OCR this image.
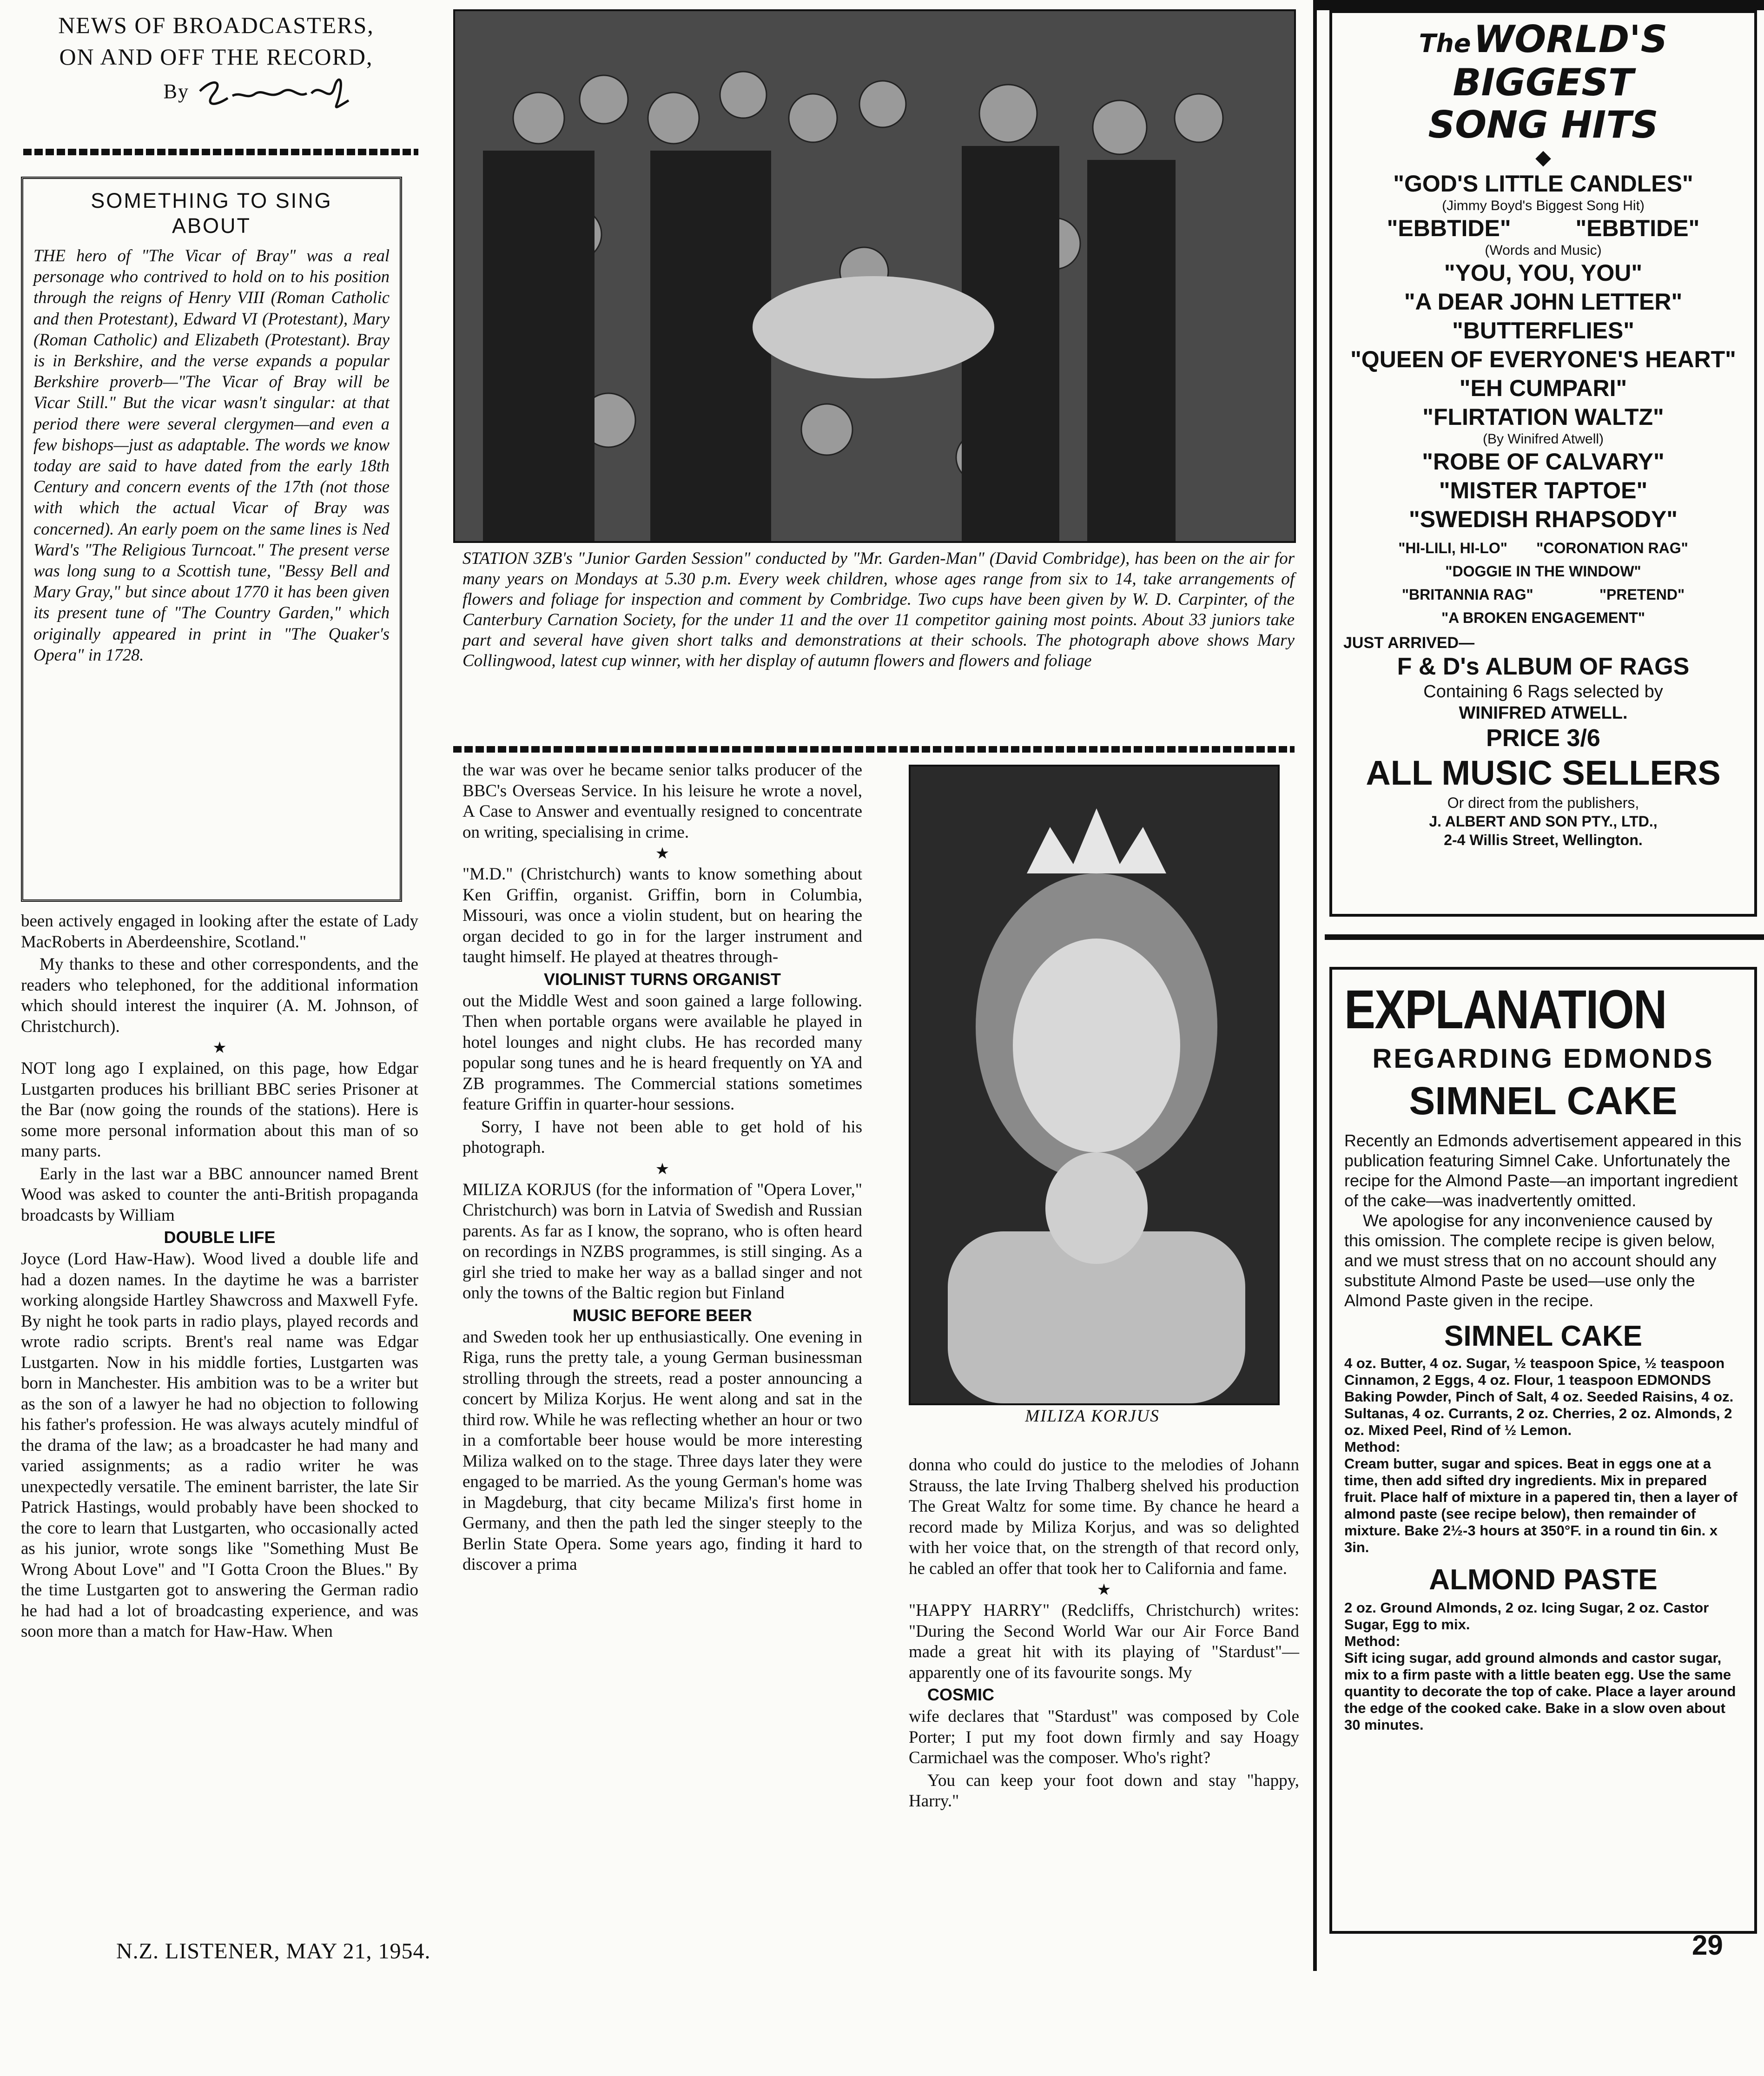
NEWS OF BROADCASTERS,
ON AND OFF THE RECORD,
By
SOMETHING TO SING ABOUT
THE hero of "The Vicar of Bray" was a real personage who contrived to hold on to his position through the reigns of Henry VIII (Roman Catholic and then Protestant), Edward VI (Protestant), Mary (Roman Catholic) and Elizabeth (Protestant). Bray is in Berkshire, and the verse expands a popular Berkshire proverb—"The Vicar of Bray will be Vicar Still." But the vicar wasn't singular: at that period there were several clergymen—and even a few bishops—just as adaptable. The words we know today are said to have dated from the early 18th Century and concern events of the 17th (not those with which the actual Vicar of Bray was concerned). An early poem on the same lines is Ned Ward's "The Religious Turncoat." The present verse was long sung to a Scottish tune, "Bessy Bell and Mary Gray," but since about 1770 it has been given its present tune of "The Country Garden," which originally appeared in print in "The Quaker's Opera" in 1728.

been actively engaged in looking after the estate of Lady MacRoberts in Aberdeenshire, Scotland."

My thanks to these and other correspondents, and the readers who telephoned, for the additional information which should interest the inquirer (A. M. Johnson, of Christchurch).

★

NOT long ago I explained, on this page, how Edgar Lustgarten produces his brilliant BBC series Prisoner at the Bar (now going the rounds of the stations). Here is some more personal information about this man of so many parts.

Early in the last war a BBC announcer named Brent Wood was asked to counter the anti-British propaganda broadcasts by William

DOUBLE LIFE

Joyce (Lord Haw-Haw). Wood lived a double life and had a dozen names. In the daytime he was a barrister working alongside Hartley Shawcross and Maxwell Fyfe. By night he took parts in radio plays, played records and wrote radio scripts. Brent's real name was Edgar Lustgarten. Now in his middle forties, Lustgarten was born in Manchester. His ambition was to be a writer but as the son of a lawyer he had no objection to following his father's profession. He was always acutely mindful of the drama of the law; as a broadcaster he had many and varied assignments; as a radio writer he was unexpectedly versatile. The eminent barrister, the late Sir Patrick Hastings, would probably have been shocked to the core to learn that Lustgarten, who occasionally acted as his junior, wrote songs like "Something Must Be Wrong About Love" and "I Gotta Croon the Blues." By the time Lustgarten got to answering the German radio he had had a lot of broadcasting experience, and was soon more than a match for Haw-Haw. When

STATION 3ZB's "Junior Garden Session" conducted by "Mr. Garden-Man" (David Combridge), has been on the air for many years on Mondays at 5.30 p.m. Every week children, whose ages range from six to 14, take arrangements of flowers and foliage for inspection and comment by Combridge. Two cups have been given by W. D. Carpinter, of the Canterbury Carnation Society, for the under 11 and the over 11 competitor gaining most points. About 33 juniors take part and several have given short talks and demonstrations at their schools. The photograph above shows Mary Collingwood, latest cup winner, with her display of autumn flowers and flowers and foliage

the war was over he became senior talks producer of the BBC's Overseas Service. In his leisure he wrote a novel, A Case to Answer and eventually resigned to concentrate on writing, specialising in crime.

★

"M.D." (Christchurch) wants to know something about Ken Griffin, organist. Griffin, born in Columbia, Missouri, was once a violin student, but on hearing the organ decided to go in for the larger instrument and taught himself. He played at theatres through-

VIOLINIST TURNS ORGANIST

out the Middle West and soon gained a large following. Then when portable organs were available he played in hotel lounges and night clubs. He has recorded many popular song tunes and he is heard frequently on YA and ZB programmes. The Commercial stations sometimes feature Griffin in quarter-hour sessions.

Sorry, I have not been able to get hold of his photograph.

★

MILIZA KORJUS (for the information of "Opera Lover," Christchurch) was born in Latvia of Swedish and Russian parents. As far as I know, the soprano, who is often heard on recordings in NZBS programmes, is still singing. As a girl she tried to make her way as a ballad singer and not only the towns of the Baltic region but Finland

MUSIC BEFORE BEER

and Sweden took her up enthusiastically. One evening in Riga, runs the pretty tale, a young German businessman strolling through the streets, read a poster announcing a concert by Miliza Korjus. He went along and sat in the third row. While he was reflecting whether an hour or two in a comfortable beer house would be more interesting Miliza walked on to the stage. Three days later they were engaged to be married. As the young German's home was in Magdeburg, that city became Miliza's first home in Germany, and then the path led the singer steeply to the Berlin State Opera. Some years ago, finding it hard to discover a prima

MILIZA KORJUS

donna who could do justice to the melodies of Johann Strauss, the late Irving Thalberg shelved his production The Great Waltz for some time. By chance he heard a record made by Miliza Korjus, and was so delighted with her voice that, on the strength of that record only, he cabled an offer that took her to California and fame.

★

"HAPPY HARRY" (Redcliffs, Christchurch) writes: "During the Second World War our Air Force Band made a great hit with its playing of "Stardust"—apparently one of its favourite songs. My

COSMIC

wife declares that "Stardust" was composed by Cole Porter; I put my foot down firmly and say Hoagy Carmichael was the composer. Who's right?

You can keep your foot down and stay "happy, Harry."

The WORLD'S BIGGEST
SONG HITS
◆
"GOD'S LITTLE CANDLES"
(Jimmy Boyd's Biggest Song Hit)
"EBBTIDE"          "EBBTIDE"
(Words and Music)
"YOU, YOU, YOU"
"A DEAR JOHN LETTER"
"BUTTERFLIES"
"QUEEN OF EVERYONE'S HEART"
"EH CUMPARI"
"FLIRTATION WALTZ"
(By Winifred Atwell)
"ROBE OF CALVARY"
"MISTER TAPTOE"
"SWEDISH RHAPSODY"
"HI-LILI, HI-LO"       "CORONATION RAG"
"DOGGIE IN THE WINDOW"
"BRITANNIA RAG"                "PRETEND"
"A BROKEN ENGAGEMENT"
JUST ARRIVED—
F & D's ALBUM OF RAGS
Containing 6 Rags selected by
WINIFRED ATWELL.
PRICE 3/6
ALL MUSIC SELLERS
Or direct from the publishers,
J. ALBERT AND SON PTY., LTD.,
2-4 Willis Street, Wellington.
EXPLANATION
REGARDING EDMONDS
SIMNEL CAKE
Recently an Edmonds advertisement appeared in this publication featuring Simnel Cake. Unfortunately the recipe for the Almond Paste—an important ingredient of the cake—was inadvertently omitted.
We apologise for any inconvenience caused by this omission. The complete recipe is given below, and we must stress that on no account should any substitute Almond Paste be used—use only the Almond Paste given in the recipe.
SIMNEL CAKE
4 oz. Butter, 4 oz. Sugar, ½ teaspoon Spice, ½ teaspoon Cinnamon, 2 Eggs, 4 oz. Flour, 1 teaspoon EDMONDS Baking Powder, Pinch of Salt, 4 oz. Seeded Raisins, 4 oz. Sultanas, 4 oz. Currants, 2 oz. Cherries, 2 oz. Almonds, 2 oz. Mixed Peel, Rind of ½ Lemon.
Method:
Cream butter, sugar and spices. Beat in eggs one at a time, then add sifted dry ingredients. Mix in prepared fruit. Place half of mixture in a papered tin, then a layer of almond paste (see recipe below), then remainder of mixture. Bake 2½-3 hours at 350°F. in a round tin 6in. x 3in.
ALMOND PASTE
2 oz. Ground Almonds, 2 oz. Icing Sugar, 2 oz. Castor Sugar, Egg to mix.
Method:
Sift icing sugar, add ground almonds and castor sugar, mix to a firm paste with a little beaten egg. Use the same quantity to decorate the top of cake. Place a layer around the edge of the cooked cake. Bake in a slow oven about 30 minutes.
N.Z. LISTENER, MAY 21, 1954.	29
